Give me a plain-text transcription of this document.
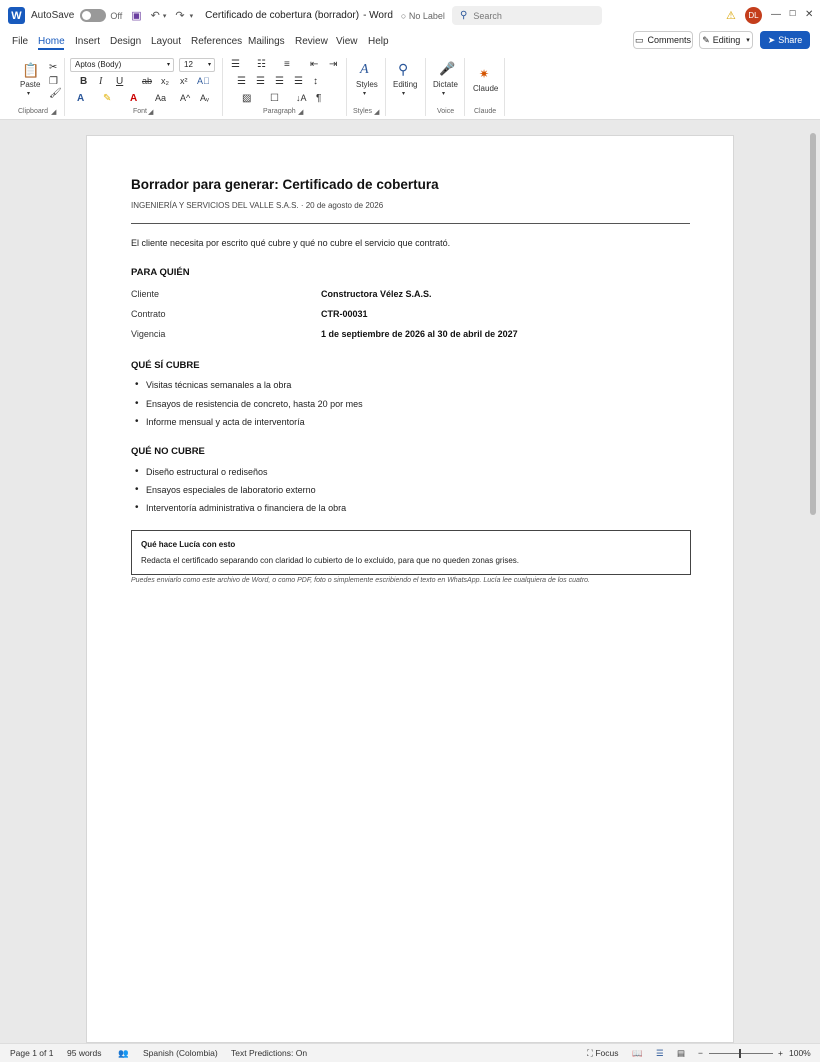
W AutoSave	Off ▣ ↶ ▾ ↷ ▾ Certificado de cobertura (borrador) - Word ○ No Label ⚲ Search	⚠	DL	— ☐ ✕
File Home Insert Design Layout References Mailings Review View Help	▭ Comments ✎ Editing ▾ ➤ Share
📋
Paste
▾
✂
❐
🖌
Clipboard ◢
Aptos (Body)	▾	12	▾
B I U ab x₂ x² A⃠
A ✎ A Aa A^ Aᵥ
Font ◢
☰ ☷ ≡ ⇤ ⇥
☰ ☰ ☰ ☰ ↕
▨ ☐ ↓A ¶
Paragraph ◢
A
Styles
▾
Styles ◢
⚲
Editing
▾
🎤
Dictate
▾
Voice
✷
Claude
Claude
Borrador para generar: Certificado de cobertura
INGENIERÍA Y SERVICIOS DEL VALLE S.A.S. · 20 de agosto de 2026
El cliente necesita por escrito qué cubre y qué no cubre el servicio que contrató.
PARA QUIÉN
Cliente	Constructora Vélez S.A.S.
Contrato	CTR-00031
Vigencia	1 de septiembre de 2026 al 30 de abril de 2027
QUÉ SÍ CUBRE
• Visitas técnicas semanales a la obra
• Ensayos de resistencia de concreto, hasta 20 por mes
• Informe mensual y acta de interventoría
QUÉ NO CUBRE
• Diseño estructural o rediseños
• Ensayos especiales de laboratorio externo
• Interventoría administrativa o financiera de la obra
Qué hace Lucía con esto
Redacta el certificado separando con claridad lo cubierto de lo excluido, para que no queden zonas grises.
Puedes enviarlo como este archivo de Word, o como PDF, foto o simplemente escribiendo el texto en WhatsApp. Lucía lee cualquiera de los cuatro.
Page 1 of 1 95 words 👥 Spanish (Colombia) Text Predictions: On	⛶ Focus 📖 ☰ ▤ −	+ 100%
